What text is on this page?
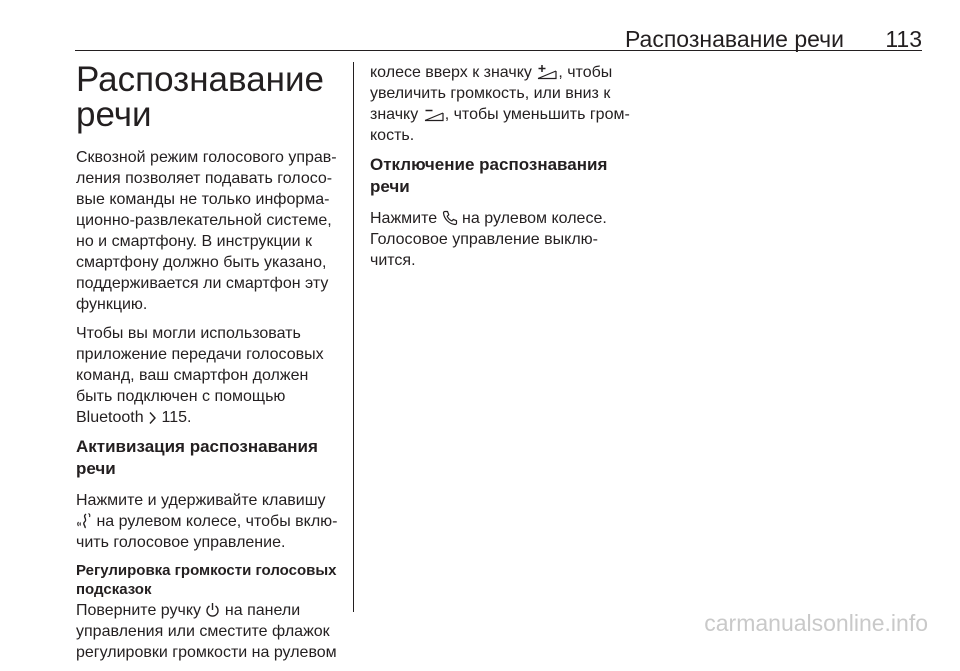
Распознавание речи 113
Распознавание
речи
Сквозной режим голосового управ-
ления позволяет подавать голосо-
вые команды не только информа-
ционно-развлекательной системе,
но и смартфону. В инструкции к
смартфону должно быть указано,
поддерживается ли смартфон эту
функцию.
Чтобы вы могли использовать
приложение передачи голосовых
команд, ваш смартфон должен
быть подключен с помощью
Bluetooth 115.
Активизация распознавания
речи
Нажмите и удерживайте клавишу
на рулевом колесе, чтобы вклю-
чить голосовое управление.
Регулировка громкости голосовых
подсказок
Поверните ручку на панели
управления или сместите флажок
регулировки громкости на рулевом
колесе вверх к значку , чтобы
увеличить громкость, или вниз к
значку , чтобы уменьшить гром-
кость.
Отключение распознавания
речи
Нажмите на рулевом колесе.
Голосовое управление выклю-
чится.
carmanualsonline.info
